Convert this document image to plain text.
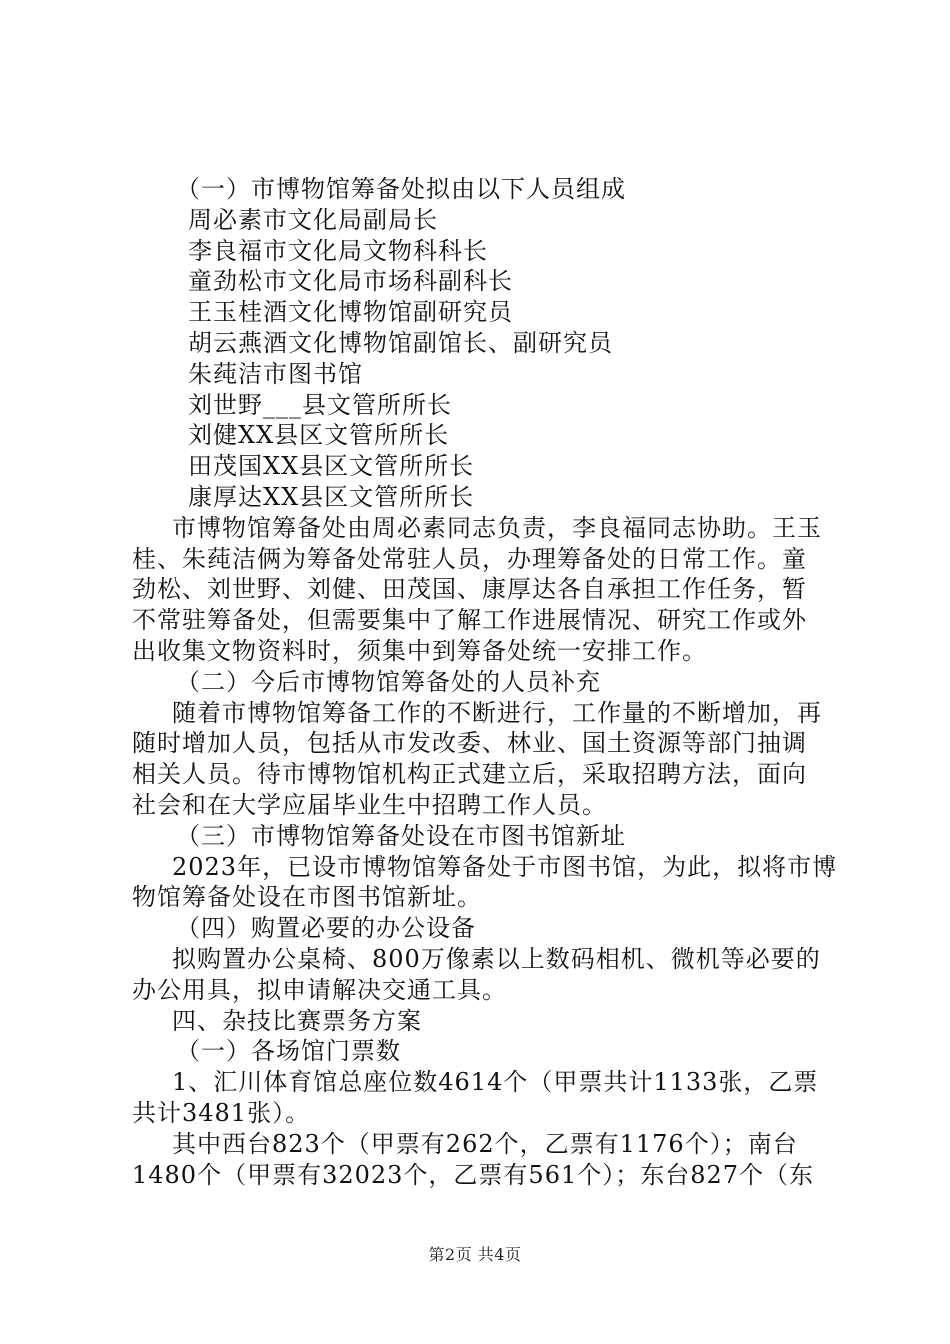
（一）市博物馆筹备处拟由以下人员组成
周必素市文化局副局长
李良福市文化局文物科科长
童劲松市文化局市场科副科长
王玉桂酒文化博物馆副研究员
胡云燕酒文化博物馆副馆长、副研究员
朱莼洁市图书馆
刘世野___县文管所所长
刘健XX县区文管所所长
田茂国XX县区文管所所长
康厚达XX县区文管所所长
市博物馆筹备处由周必素同志负责，李良福同志协助。王玉
桂、朱莼洁俩为筹备处常驻人员，办理筹备处的日常工作。童
劲松、刘世野、刘健、田茂国、康厚达各自承担工作任务，暂
不常驻筹备处，但需要集中了解工作进展情况、研究工作或外
出收集文物资料时，须集中到筹备处统一安排工作。
（二）今后市博物馆筹备处的人员补充
随着市博物馆筹备工作的不断进行，工作量的不断增加，再
随时增加人员，包括从市发改委、林业、国土资源等部门抽调
相关人员。待市博物馆机构正式建立后，采取招聘方法，面向
社会和在大学应届毕业生中招聘工作人员。
（三）市博物馆筹备处设在市图书馆新址
2023年，已设市博物馆筹备处于市图书馆，为此，拟将市博
物馆筹备处设在市图书馆新址。
（四）购置必要的办公设备
拟购置办公桌椅、800万像素以上数码相机、微机等必要的
办公用具，拟申请解决交通工具。
四、杂技比赛票务方案
（一）各场馆门票数
1、汇川体育馆总座位数4614个（甲票共计1133张，乙票
共计3481张）。
其中西台823个（甲票有262个，乙票有1176个）；南台
1480个（甲票有32023个，乙票有561个）；东台827个（东
第2页 共4页
